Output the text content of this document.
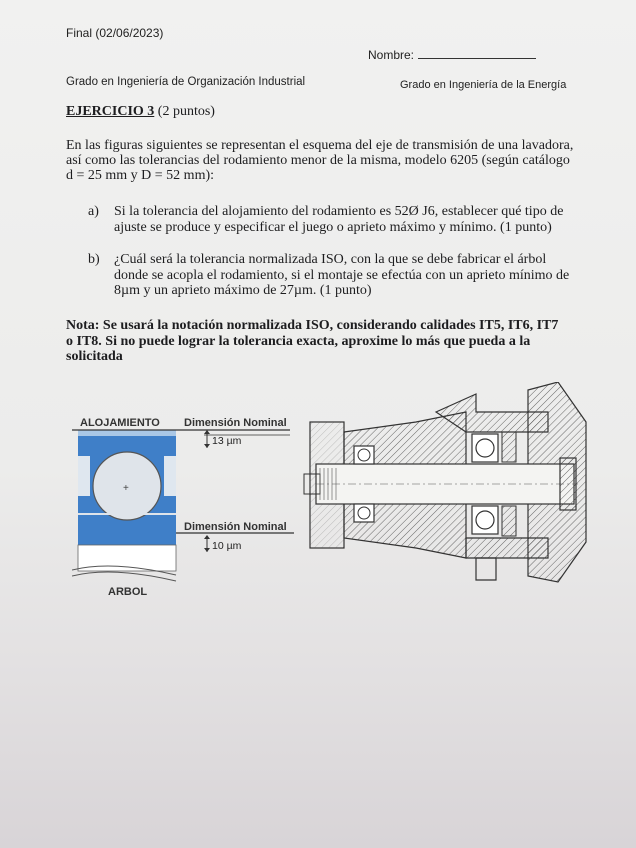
Final (02/06/2023)
Nombre:
Grado en Ingeniería de Organización Industrial	Grado en Ingeniería de la Energía
EJERCICIO 3 (2 puntos)
En las figuras siguientes se representan el esquema del eje de transmisión de una lavadora,
así como las tolerancias del rodamiento menor de la misma, modelo 6205 (según catálogo
d = 25 mm y D = 52 mm):
a)	Si la tolerancia del alojamiento del rodamiento es 52Ø J6, establecer qué tipo de
ajuste se produce y especificar el juego o aprieto máximo y mínimo. (1 punto)
b)	¿Cuál será la tolerancia normalizada ISO, con la que se debe fabricar el árbol
donde se acopla el rodamiento, si el montaje se efectúa con un aprieto mínimo de
8µm y un aprieto máximo de 27µm. (1 punto)
Nota: Se usará la notación normalizada ISO, considerando calidades IT5, IT6, IT7
o IT8. Si no puede lograr la tolerancia exacta, aproxime lo más que pueda a la
solicitada
+
ALOJAMIENTO Dimensión Nominal
13 µm
Dimensión Nominal
10 µm
ARBOL
